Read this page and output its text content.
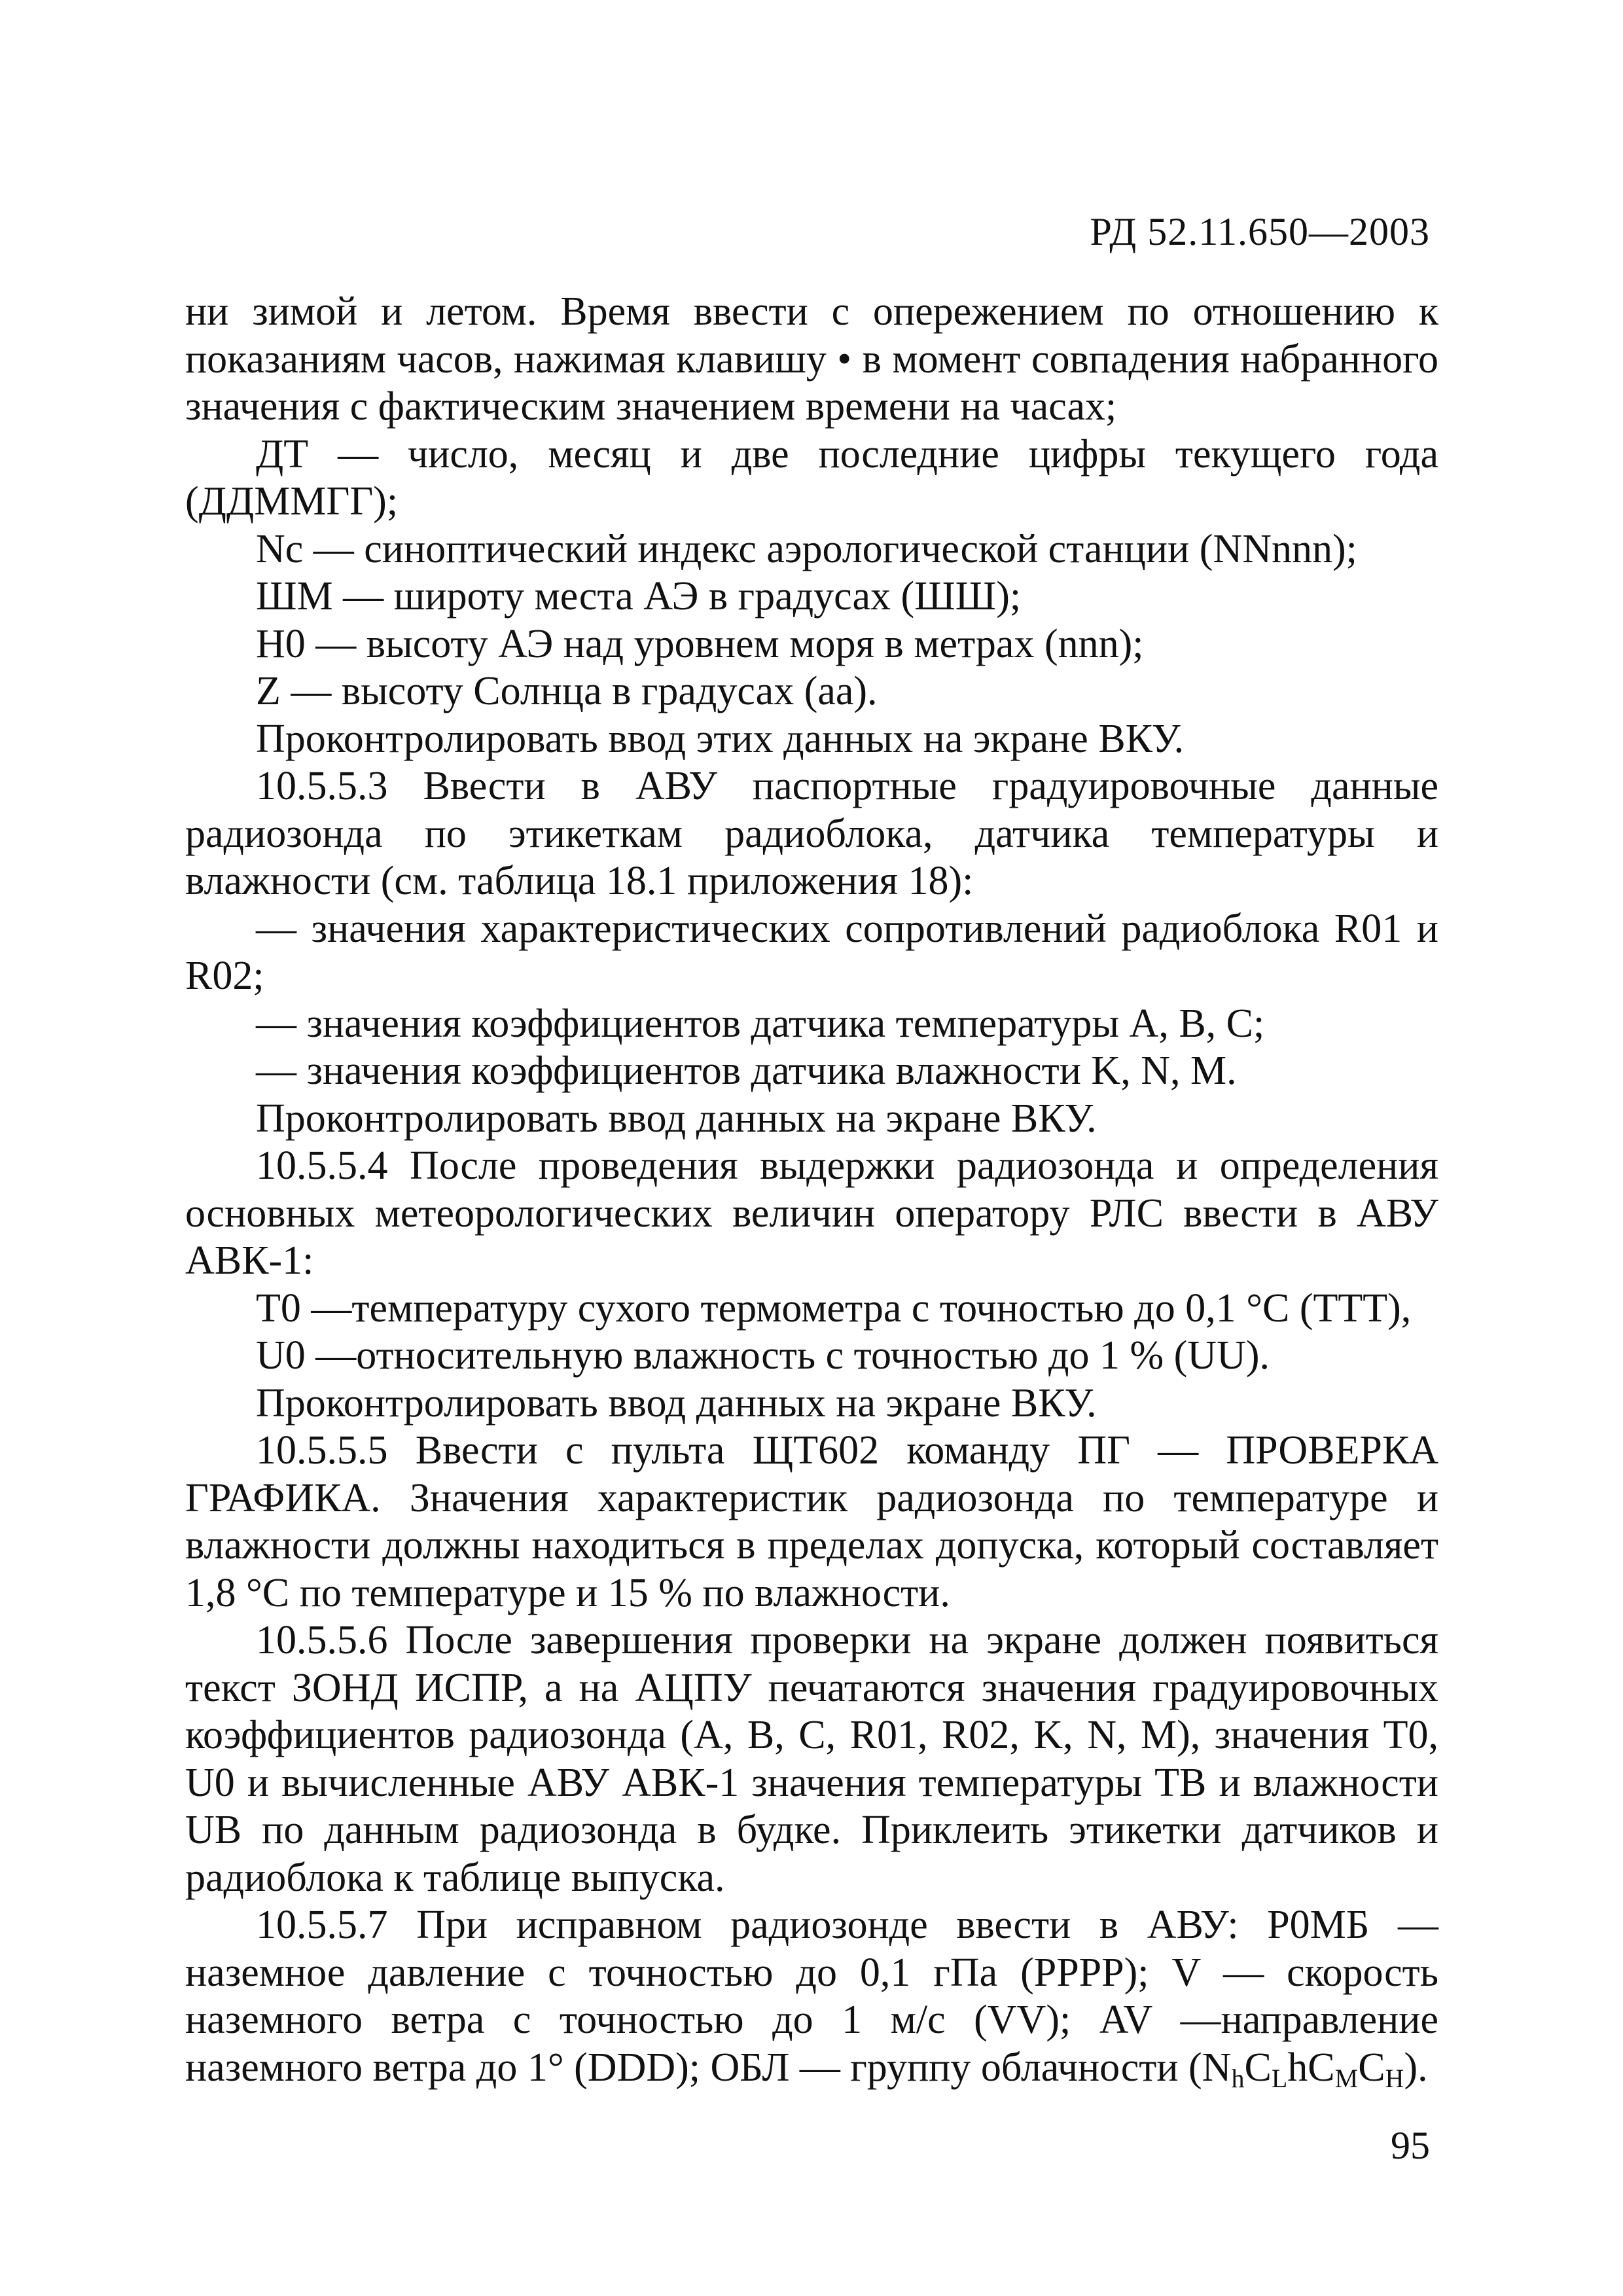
РД 52.11.650—2003

ни зимой и летом. Время ввести с опережением по отношению к показаниям часов, нажимая клавишу • в момент совпадения набранного значения с фактическим значением времени на часах;

ДТ — число, месяц и две последние цифры текущего года (ДДММГГ);

Nс — синоптический индекс аэрологической станции (NNnnn);

ШМ — широту места АЭ в градусах (ШШ);

Н0 — высоту АЭ над уровнем моря в метрах (nnn);

Z — высоту Солнца в градусах (аа).

Проконтролировать ввод этих данных на экране ВКУ.

10.5.5.3 Ввести в АВУ паспортные градуировочные данные радиозонда по этикеткам радиоблока, датчика температуры и влажности (см. таблица 18.1 приложения 18):

— значения характеристических сопротивлений радиоблока R01 и R02;

— значения коэффициентов датчика температуры А, В, С;

— значения коэффициентов датчика влажности K, N, M.

Проконтролировать ввод данных на экране ВКУ.

10.5.5.4 После проведения выдержки радиозонда и определения основных метеорологических величин оператору РЛС ввести в АВУ АВК-1:

Т0 —температуру сухого термометра с точностью до 0,1 °С (ТТТ),

U0 —относительную влажность с точностью до 1 % (UU).

Проконтролировать ввод данных на экране ВКУ.

10.5.5.5 Ввести с пульта ЩТ602 команду ПГ — ПРОВЕРКА ГРАФИКА. Значения характеристик радиозонда по температуре и влажности должны находиться в пределах допуска, который составляет 1,8 °С по температуре и 15 % по влажности.

10.5.5.6 После завершения проверки на экране должен появиться текст ЗОНД ИСПР, а на АЦПУ печатаются значения градуировочных коэффициентов радиозонда (А, В, С, R01, R02, K, N, M), значения Т0, U0 и вычисленные АВУ АВК-1 значения температуры ТВ и влажности UB по данным радиозонда в будке. Приклеить этикетки датчиков и радиоблока к таблице выпуска.

10.5.5.7 При исправном радиозонде ввести в АВУ: Р0МБ — наземное давление с точностью до 0,1 гПа (РРРР); V — скорость наземного ветра с точностью до 1 м/с (VV); AV —направление наземного ветра до 1° (DDD); ОБЛ — группу облачности $(N_hC_LhC_MC_H)$.

95
